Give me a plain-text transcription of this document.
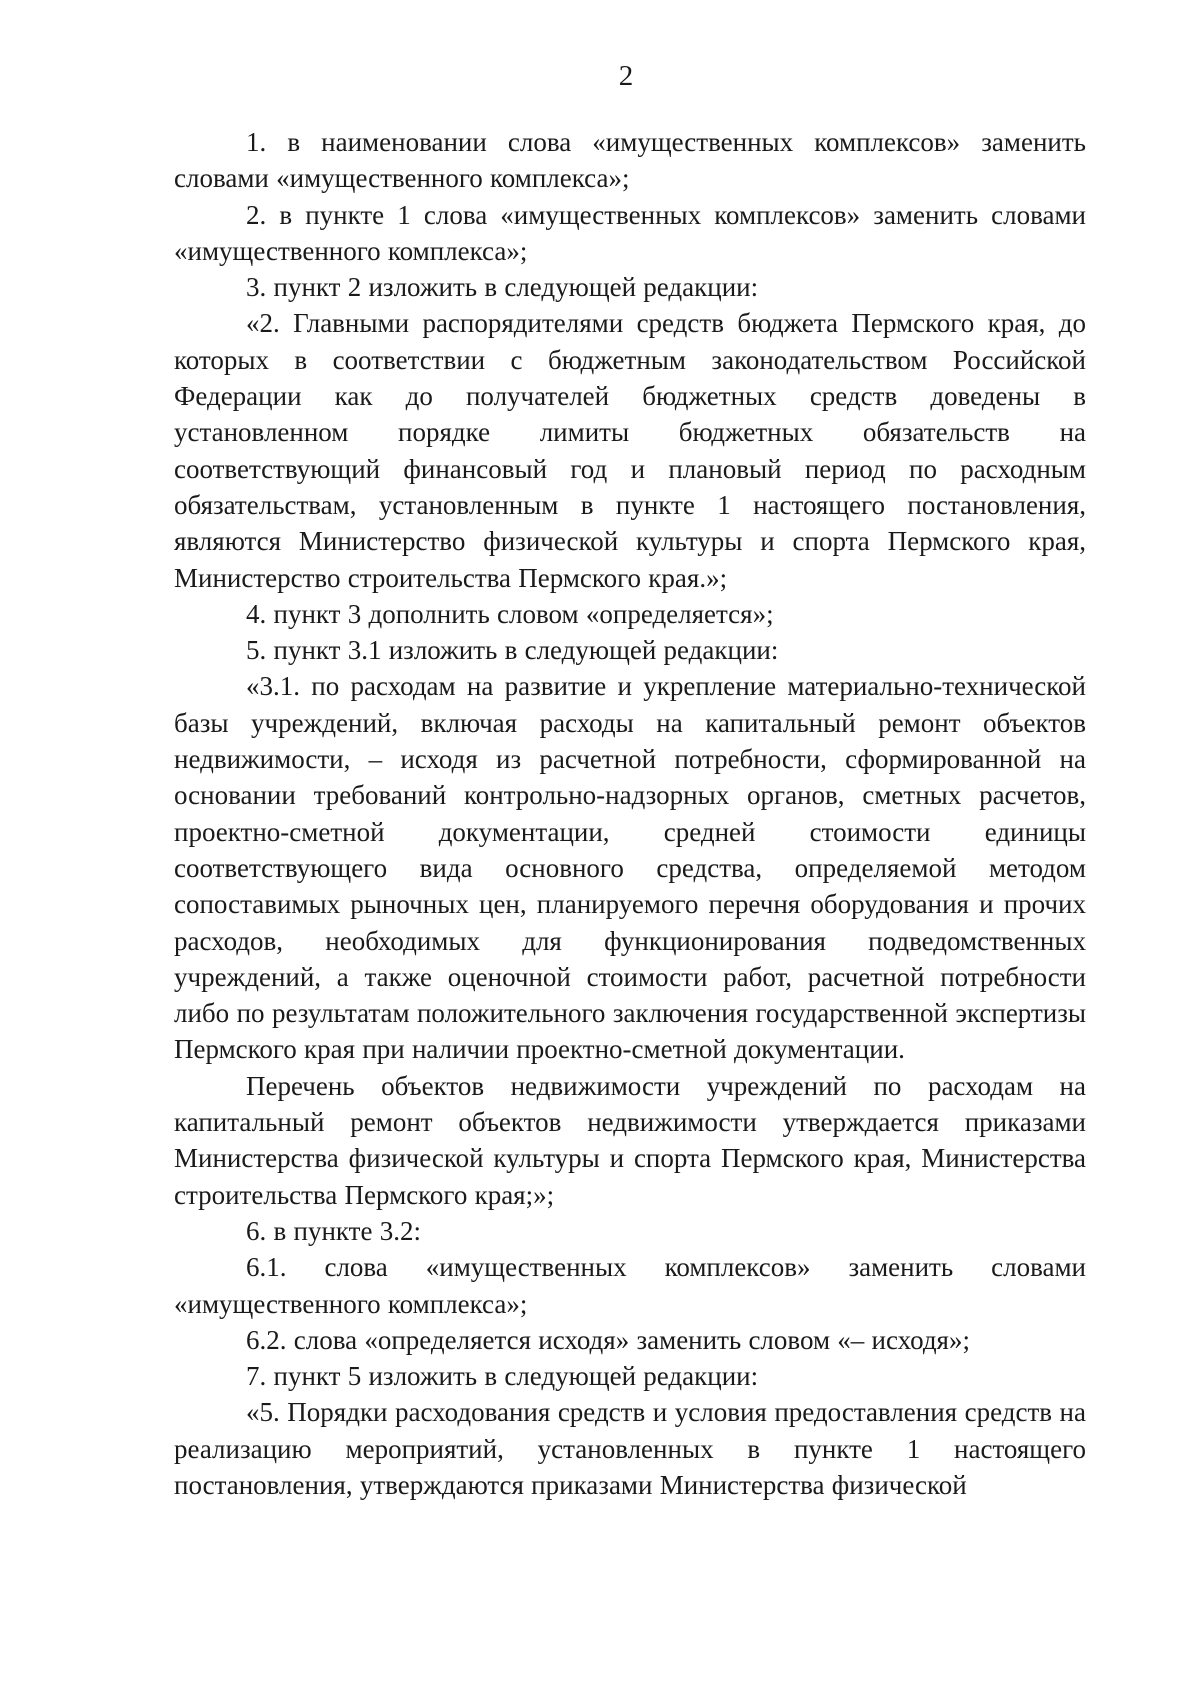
2

1. в наименовании слова «имущественных комплексов» заменить словами «имущественного комплекса»;

2. в пункте 1 слова «имущественных комплексов» заменить словами «имущественного комплекса»;

3. пункт 2 изложить в следующей редакции:

«2. Главными распорядителями средств бюджета Пермского края, до которых в соответствии с бюджетным законодательством Российской Федерации как до получателей бюджетных средств доведены в установленном порядке лимиты бюджетных обязательств на соответствующий финансовый год и плановый период по расходным обязательствам, установленным в пункте 1 настоящего постановления, являются Министерство физической культуры и спорта Пермского края, Министерство строительства Пермского края.»;

4. пункт 3 дополнить словом «определяется»;

5. пункт 3.1 изложить в следующей редакции:

«3.1. по расходам на развитие и укрепление материально-технической базы учреждений, включая расходы на капитальный ремонт объектов недвижимости, – исходя из расчетной потребности, сформированной на основании требований контрольно-надзорных органов, сметных расчетов, проектно-сметной документации, средней стоимости единицы соответствующего вида основного средства, определяемой методом сопоставимых рыночных цен, планируемого перечня оборудования и прочих расходов, необходимых для функционирования подведомственных учреждений, а также оценочной стоимости работ, расчетной потребности либо по результатам положительного заключения государственной экспертизы Пермского края при наличии проектно-сметной документации.

Перечень объектов недвижимости учреждений по расходам на капитальный ремонт объектов недвижимости утверждается приказами Министерства физической культуры и спорта Пермского края, Министерства строительства Пермского края;»;

6. в пункте 3.2:

6.1. слова «имущественных комплексов» заменить словами «имущественного комплекса»;

6.2. слова «определяется исходя» заменить словом «– исходя»;

7. пункт 5 изложить в следующей редакции:

«5. Порядки расходования средств и условия предоставления средств на реализацию мероприятий, установленных в пункте 1 настоящего постановления, утверждаются приказами Министерства физической
